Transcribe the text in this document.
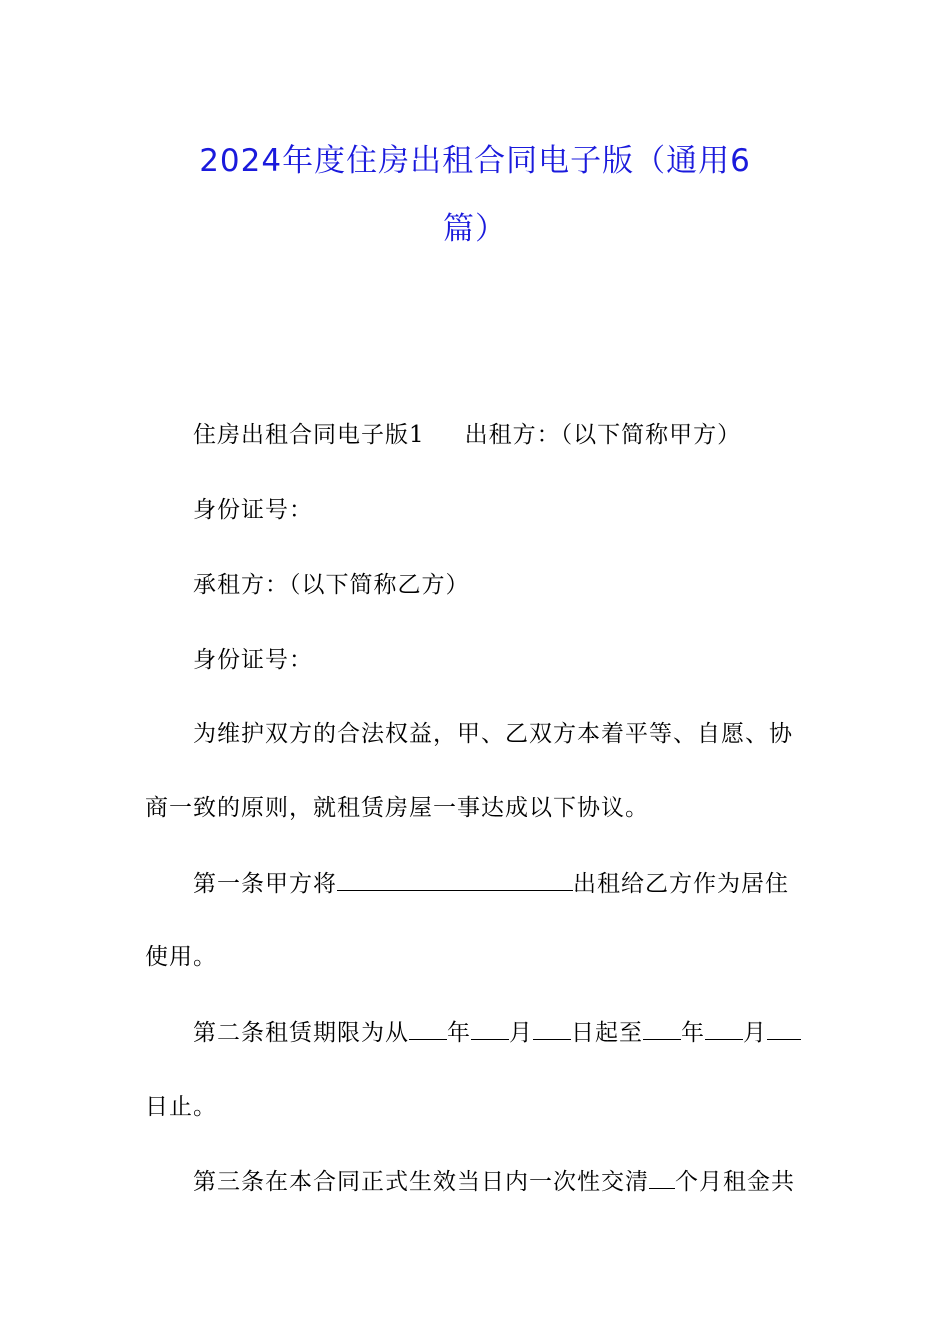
2024年度住房出租合同电子版（通用6
篇）
住房出租合同电子版1 出租方：（以下简称甲方）
身份证号：
承租方：（以下简称乙方）
身份证号：
为维护双方的合法权益，甲、乙双方本着平等、自愿、协
商一致的原则，就租赁房屋一事达成以下协议。
第一条甲方将	出租给乙方作为居住
使用。
第二条租赁期限为从 年 月 日起至 年 月
日止。
第三条在本合同正式生效当日内一次性交清 个月租金共
